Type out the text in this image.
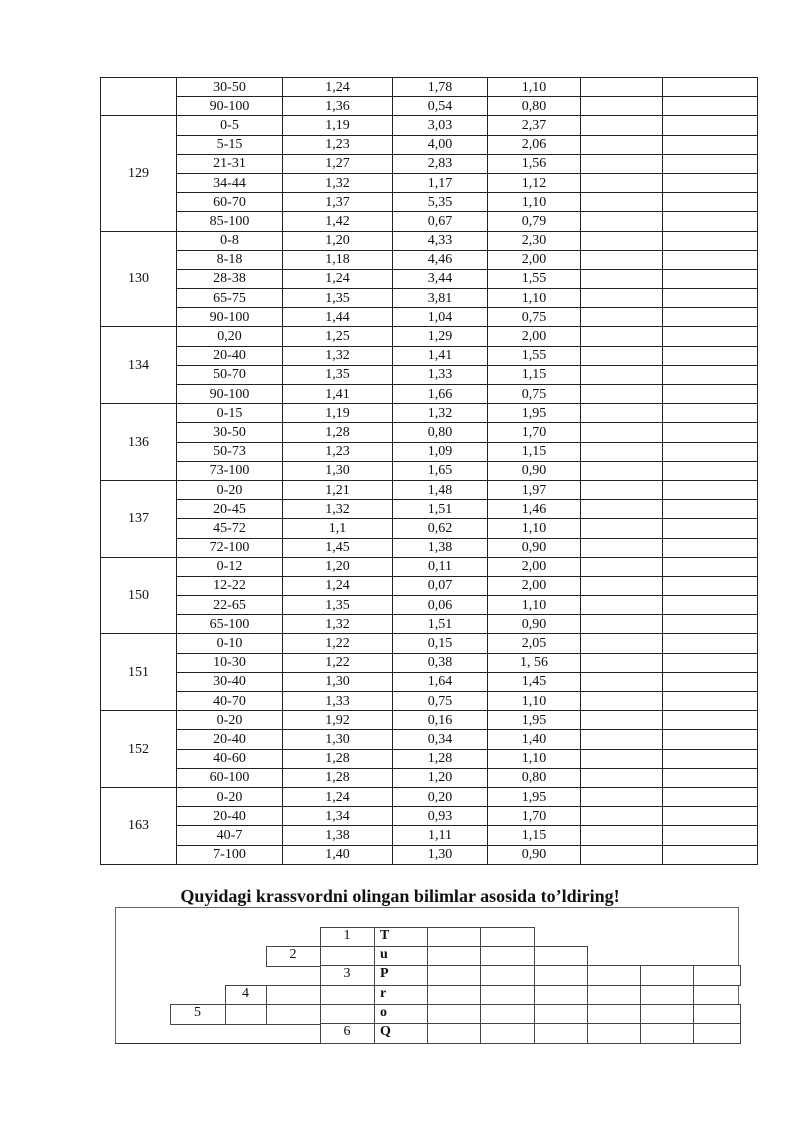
	30-50	1,24	1,78	1,10		
	90-100	1,36	0,54	0,80		
129	0-5	1,19	3,03	2,37		
	5-15	1,23	4,00	2,06		
	21-31	1,27	2,83	1,56		
	34-44	1,32	1,17	1,12		
	60-70	1,37	5,35	1,10		
	85-100	1,42	0,67	0,79		
130	0-8	1,20	4,33	2,30		
	8-18	1,18	4,46	2,00		
	28-38	1,24	3,44	1,55		
	65-75	1,35	3,81	1,10		
	90-100	1,44	1,04	0,75		
134	0,20	1,25	1,29	2,00		
	20-40	1,32	1,41	1,55		
	50-70	1,35	1,33	1,15		
	90-100	1,41	1,66	0,75		
136	0-15	1,19	1,32	1,95		
	30-50	1,28	0,80	1,70		
	50-73	1,23	1,09	1,15		
	73-100	1,30	1,65	0,90		
137	0-20	1,21	1,48	1,97		
	20-45	1,32	1,51	1,46		
	45-72	1,1	0,62	1,10		
	72-100	1,45	1,38	0,90		
150	0-12	1,20	0,11	2,00		
	12-22	1,24	0,07	2,00		
	22-65	1,35	0,06	1,10		
	65-100	1,32	1,51	0,90		
151	0-10	1,22	0,15	2,05		
	10-30	1,22	0,38	1, 56		
	30-40	1,30	1,64	1,45		
	40-70	1,33	0,75	1,10		
152	0-20	1,92	0,16	1,95		
	20-40	1,30	0,34	1,40		
	40-60	1,28	1,28	1,10		
	60-100	1,28	1,20	0,80		
163	0-20	1,24	0,20	1,95		
	20-40	1,34	0,93	1,70		
	40-7	1,38	1,11	1,15		
	7-100	1,40	1,30	0,90		
Quyidagi krassvordni olingan bilimlar asosida to’ldiring!
1	T
2	u
3	P
4	r
5	o
6	Q
